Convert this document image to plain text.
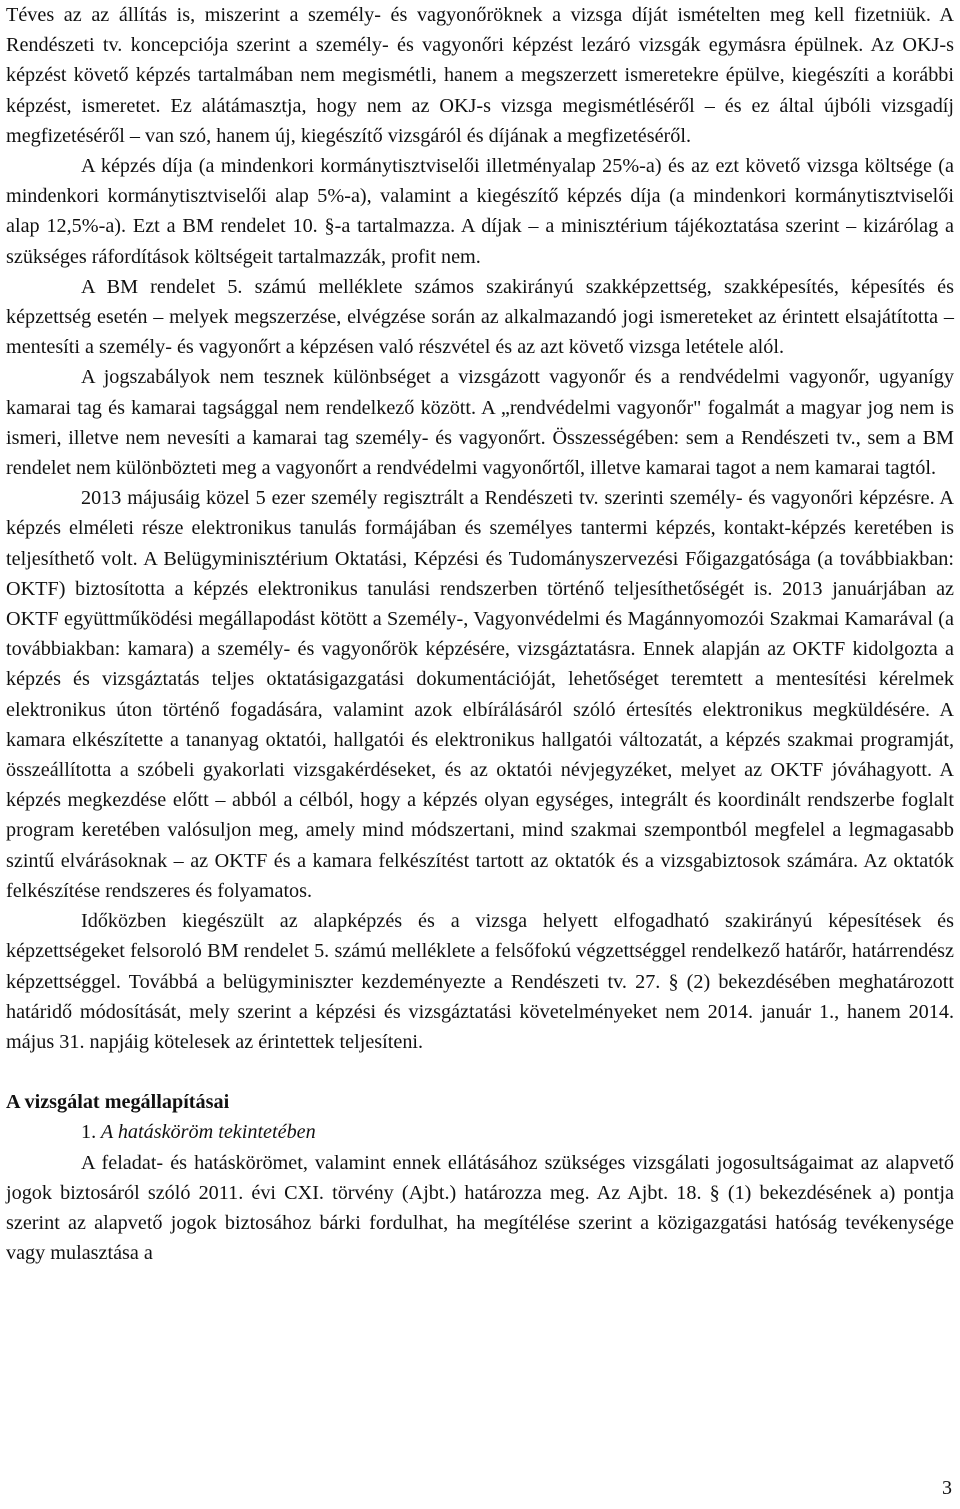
Téves az az állítás is, miszerint a személy- és vagyonőröknek a vizsga díját ismételten meg kell fizetniük. A Rendészeti tv. koncepciója szerint a személy- és vagyonőri képzést lezáró vizsgák egymásra épülnek. Az OKJ-s képzést követő képzés tartalmában nem megismétli, hanem a megszerzett ismeretekre épülve, kiegészíti a korábbi képzést, ismeretet. Ez alátámasztja, hogy nem az OKJ-s vizsga megismétléséről – és ez által újbóli vizsgadíj megfizetéséről – van szó, hanem új, kiegészítő vizsgáról és díjának a megfizetéséről.

A képzés díja (a mindenkori kormánytisztviselői illetményalap 25%-a) és az ezt követő vizsga költsége (a mindenkori kormánytisztviselői alap 5%-a), valamint a kiegészítő képzés díja (a mindenkori kormánytisztviselői alap 12,5%-a). Ezt a BM rendelet 10. §-a tartalmazza. A díjak – a minisztérium tájékoztatása szerint – kizárólag a szükséges ráfordítások költségeit tartalmazzák, profit nem.

A BM rendelet 5. számú melléklete számos szakirányú szakképzettség, szakképesítés, képesítés és képzettség esetén – melyek megszerzése, elvégzése során az alkalmazandó jogi ismereteket az érintett elsajátította – mentesíti a személy- és vagyonőrt a képzésen való részvétel és az azt követő vizsga letétele alól.

A jogszabályok nem tesznek különbséget a vizsgázott vagyonőr és a rendvédelmi vagyonőr, ugyanígy kamarai tag és kamarai tagsággal nem rendelkező között. A „rendvédelmi vagyonőr" fogalmát a magyar jog nem is ismeri, illetve nem nevesíti a kamarai tag személy- és vagyonőrt. Összességében: sem a Rendészeti tv., sem a BM rendelet nem különbözteti meg a vagyonőrt a rendvédelmi vagyonőrtől, illetve kamarai tagot a nem kamarai tagtól.

2013 májusáig közel 5 ezer személy regisztrált a Rendészeti tv. szerinti személy- és vagyonőri képzésre. A képzés elméleti része elektronikus tanulás formájában és személyes tantermi képzés, kontakt-képzés keretében is teljesíthető volt. A Belügyminisztérium Oktatási, Képzési és Tudományszervezési Főigazgatósága (a továbbiakban: OKTF) biztosította a képzés elektronikus tanulási rendszerben történő teljesíthetőségét is. 2013 januárjában az OKTF együttműködési megállapodást kötött a Személy-, Vagyonvédelmi és Magánnyomozói Szakmai Kamarával (a továbbiakban: kamara) a személy- és vagyonőrök képzésére, vizsgáztatásra. Ennek alapján az OKTF kidolgozta a képzés és vizsgáztatás teljes oktatásigazgatási dokumentációját, lehetőséget teremtett a mentesítési kérelmek elektronikus úton történő fogadására, valamint azok elbírálásáról szóló értesítés elektronikus megküldésére. A kamara elkészítette a tananyag oktatói, hallgatói és elektronikus hallgatói változatát, a képzés szakmai programját, összeállította a szóbeli gyakorlati vizsgakérdéseket, és az oktatói névjegyzéket, melyet az OKTF jóváhagyott. A képzés megkezdése előtt – abból a célból, hogy a képzés olyan egységes, integrált és koordinált rendszerbe foglalt program keretében valósuljon meg, amely mind módszertani, mind szakmai szempontból megfelel a legmagasabb szintű elvárásoknak – az OKTF és a kamara felkészítést tartott az oktatók és a vizsgabiztosok számára. Az oktatók felkészítése rendszeres és folyamatos.

Időközben kiegészült az alapképzés és a vizsga helyett elfogadható szakirányú képesítések és képzettségeket felsoroló BM rendelet 5. számú melléklete a felsőfokú végzettséggel rendelkező határőr, határrendész képzettséggel. Továbbá a belügyminiszter kezdeményezte a Rendészeti tv. 27. § (2) bekezdésében meghatározott határidő módosítását, mely szerint a képzési és vizsgáztatási követelményeket nem 2014. január 1., hanem 2014. május 31. napjáig kötelesek az érintettek teljesíteni.

A vizsgálat megállapításai

1. A hatásköröm tekintetében

A feladat- és hatáskörömet, valamint ennek ellátásához szükséges vizsgálati jogosultságaimat az alapvető jogok biztosáról szóló 2011. évi CXI. törvény (Ajbt.) határozza meg. Az Ajbt. 18. § (1) bekezdésének a) pontja szerint az alapvető jogok biztosához bárki fordulhat, ha megítélése szerint a közigazgatási hatóság tevékenysége vagy mulasztása a

3
